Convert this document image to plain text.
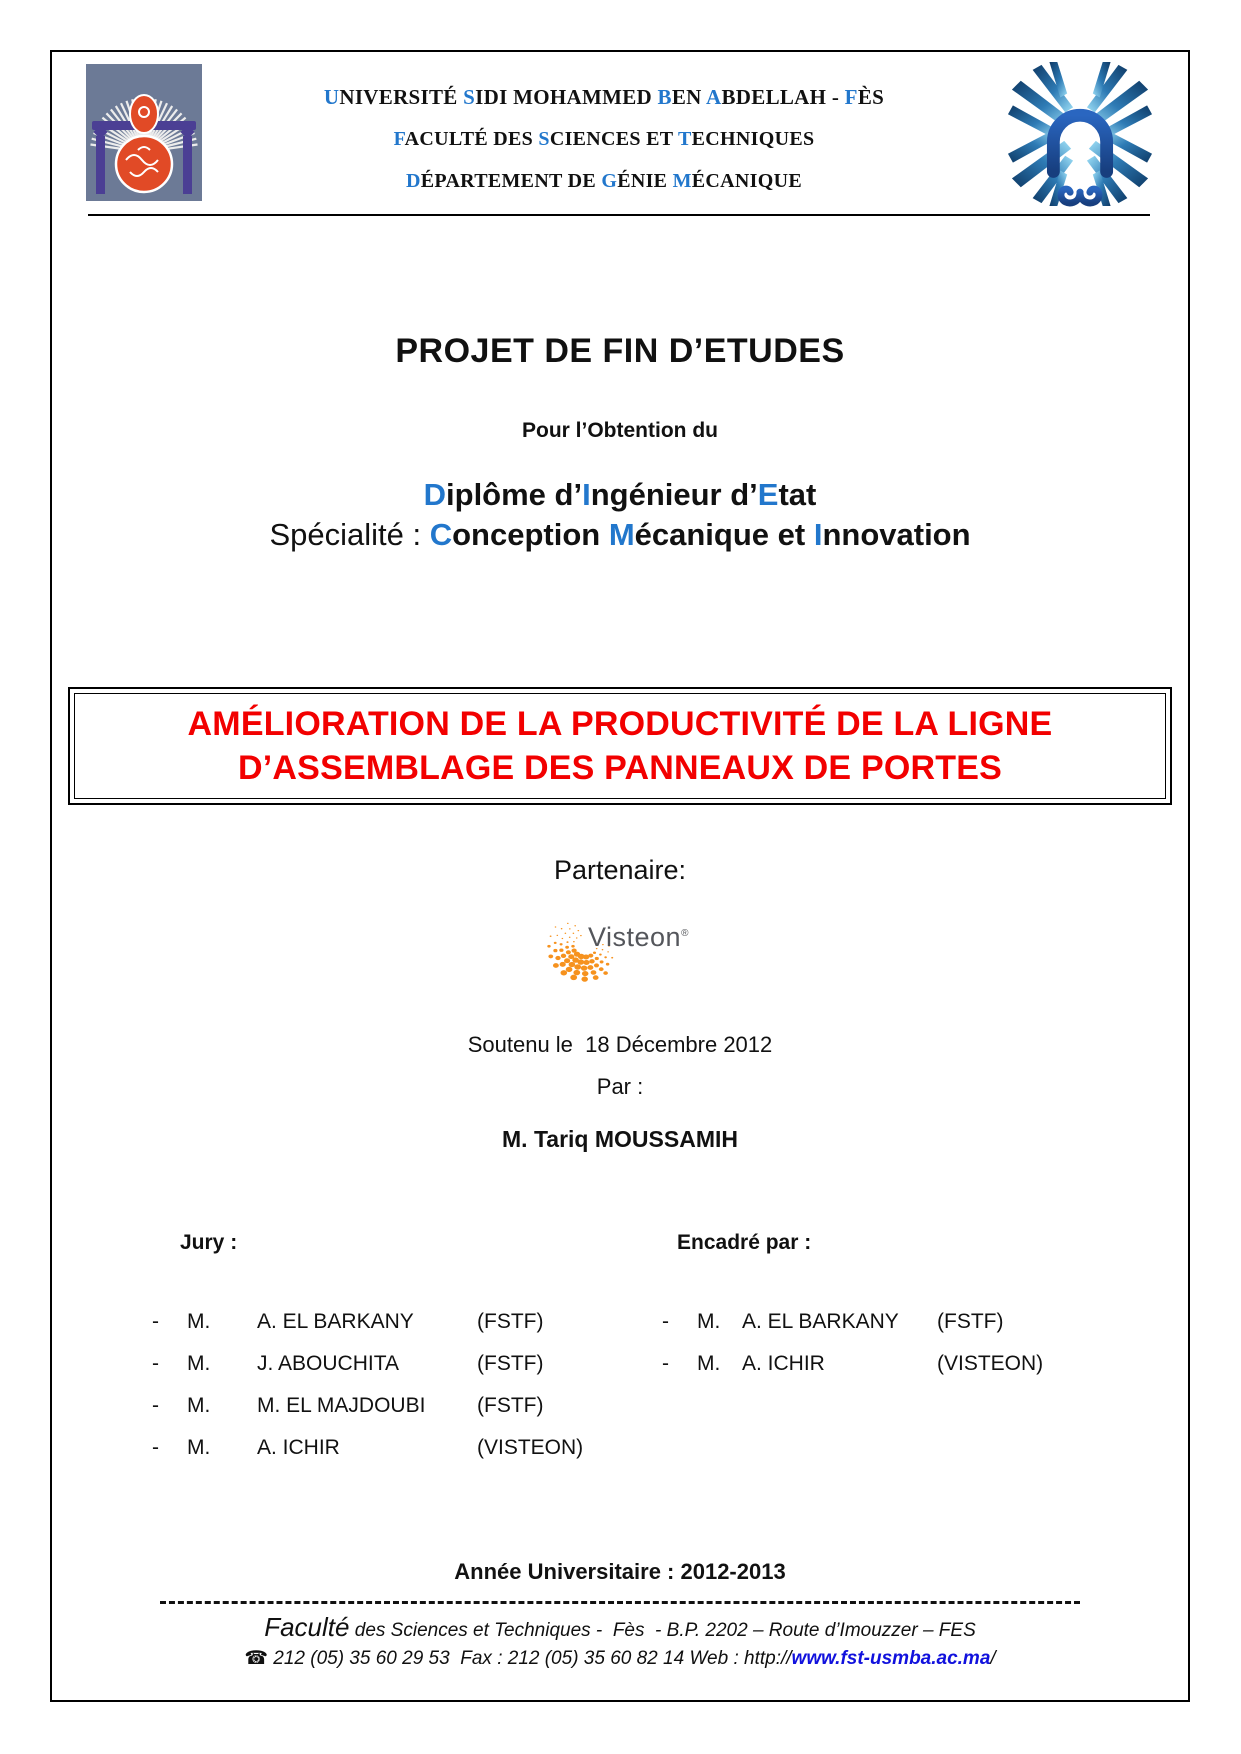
UNIVERSITÉ SIDI MOHAMMED BEN ABDELLAH - FÈS
FACULTÉ DES SCIENCES ET TECHNIQUES
DÉPARTEMENT DE GÉNIE MÉCANIQUE
PROJET DE FIN D’ETUDES
Pour l’Obtention du
Diplôme d’Ingénieur d’Etat
Spécialité : Conception Mécanique et Innovation
AMÉLIORATION DE LA PRODUCTIVITÉ DE LA LIGNE
D’ASSEMBLAGE DES PANNEAUX DE PORTES
Partenaire:
Visteon®
Soutenu le  18 Décembre 2012
Par :
M. Tariq MOUSSAMIH
Jury :
-	M.	A. EL BARKANY	(FSTF)
-	M.	J. ABOUCHITA	(FSTF)
-	M.	M. EL MAJDOUBI	(FSTF)
-	M.	A. ICHIR	(VISTEON)
Encadré par :
-	M.	A. EL BARKANY	(FSTF)
-	M.	A. ICHIR	(VISTEON)
Année Universitaire : 2012-2013
Faculté des Sciences et Techniques -  Fès  - B.P. 2202 – Route d’Imouzzer – FES
☎ 212 (05) 35 60 29 53  Fax : 212 (05) 35 60 82 14 Web : http://www.fst-usmba.ac.ma/
